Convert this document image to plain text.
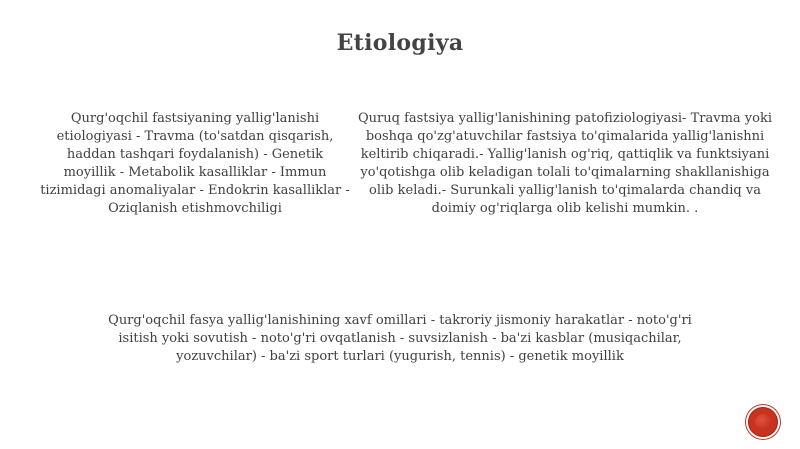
Etiologiya
Qurg'oqchil fastsiyaning yallig'lanishi etiologiyasi - Travma (to'satdan qisqarish, haddan tashqari foydalanish) - Genetik moyillik - Metabolik kasalliklar - Immun tizimidagi anomaliyalar - Endokrin kasalliklar - Oziqlanish etishmovchiligi
Quruq fastsiya yallig'lanishining patofiziologiyasi- Travma yoki boshqa qo'zg'atuvchilar fastsiya to'qimalarida yallig'lanishni keltirib chiqaradi.- Yallig'lanish og'riq, qattiqlik va funktsiyani yo'qotishga olib keladigan tolali to'qimalarning shakllanishiga olib keladi.- Surunkali yallig'lanish to'qimalarda chandiq va doimiy og'riqlarga olib kelishi mumkin. .
Qurg'oqchil fasya yallig'lanishining xavf omillari - takroriy jismoniy harakatlar - noto'g'ri isitish yoki sovutish - noto'g'ri ovqatlanish - suvsizlanish - ba'zi kasblar (musiqachilar, yozuvchilar) - ba'zi sport turlari (yugurish, tennis) - genetik moyillik
